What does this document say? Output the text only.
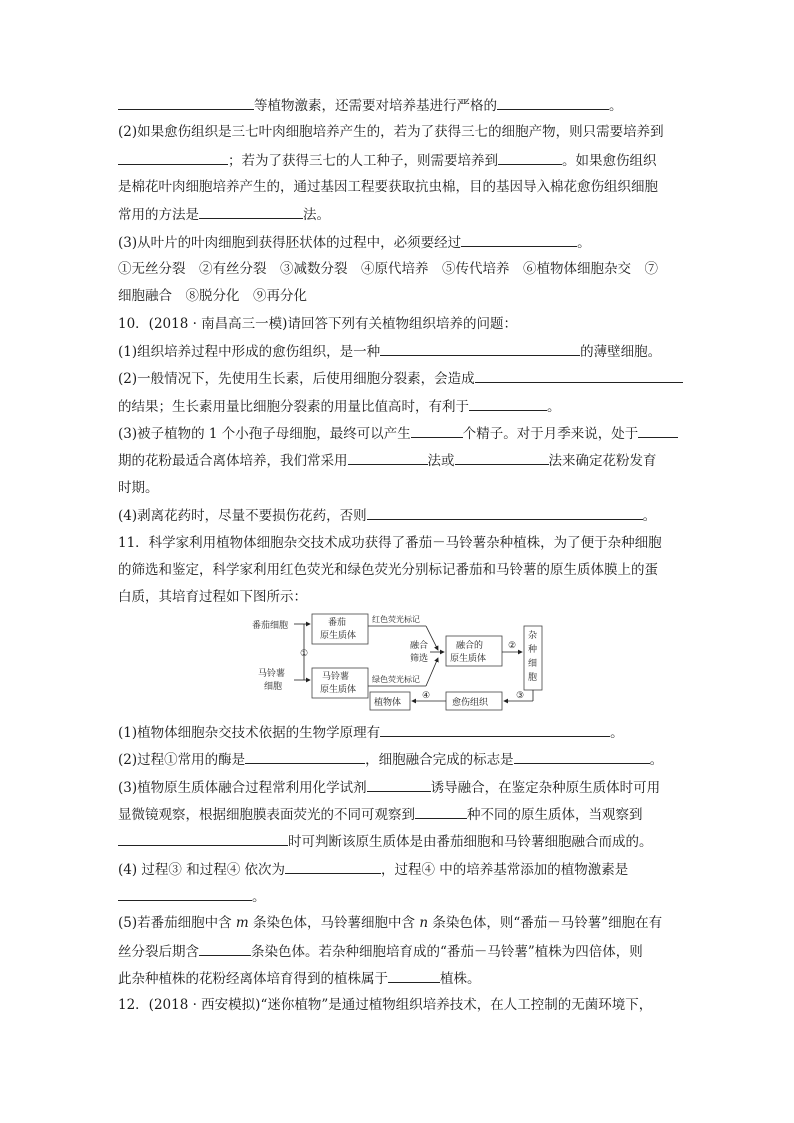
等植物激素，还需要对培养基进行严格的	。
(2)如果愈伤组织是三七叶肉细胞培养产生的，若为了获得三七的细胞产物，则只需要培养到
；若为了获得三七的人工种子，则需要培养到	。如果愈伤组织
是棉花叶肉细胞培养产生的，通过基因工程要获取抗虫棉，目的基因导入棉花愈伤组织细胞
常用的方法是	法。
(3)从叶片的叶肉细胞到获得胚状体的过程中，必须要经过	。
①无丝分裂　②有丝分裂　③减数分裂　④原代培养　⑤传代培养　⑥植物体细胞杂交　⑦
细胞融合　⑧脱分化　⑨再分化
10．(2018 · 南昌高三一模)请回答下列有关植物组织培养的问题：
(1)组织培养过程中形成的愈伤组织，是一种	的薄壁细胞。
(2)一般情况下，先使用生长素，后使用细胞分裂素，会造成
的结果；生长素用量比细胞分裂素的用量比值高时，有利于	。
(3)被子植物的 1 个小孢子母细胞，最终可以产生	个精子。对于月季来说，处于
期的花粉最适合离体培养，我们常采用	法或	法来确定花粉发育
时期。
(4)剥离花药时，尽量不要损伤花药，否则	。
11．科学家利用植物体细胞杂交技术成功获得了番茄－马铃薯杂种植株，为了便于杂种细胞
的筛选和鉴定，科学家利用红色荧光和绿色荧光分别标记番茄和马铃薯的原生质体膜上的蛋
白质，其培育过程如下图所示：
番茄细胞	番茄
原生质体
红色荧光标记
马铃薯
细胞
马铃薯
原生质体
绿色荧光标记
①
融合
筛选
融合的
原生质体
②
杂
种
细
胞
③
愈伤组织
④
植物体
(1)植物体细胞杂交技术依据的生物学原理有	。
(2)过程①常用的酶是	，细胞融合完成的标志是	。
(3)植物原生质体融合过程常利用化学试剂	诱导融合，在鉴定杂种原生质体时可用
显微镜观察，根据细胞膜表面荧光的不同可观察到	种不同的原生质体，当观察到
时可判断该原生质体是由番茄细胞和马铃薯细胞融合而成的。
(4) 过程③ 和过程④ 依次为	，过程④ 中的培养基常添加的植物激素是
。
(5)若番茄细胞中含 m 条染色体，马铃薯细胞中含 n 条染色体，则“番茄－马铃薯”细胞在有
丝分裂后期含	条染色体。若杂种细胞培育成的“番茄－马铃薯”植株为四倍体，则
此杂种植株的花粉经离体培育得到的植株属于	植株。
12．(2018 · 西安模拟)“迷你植物”是通过植物组织培养技术，在人工控制的无菌环境下，
